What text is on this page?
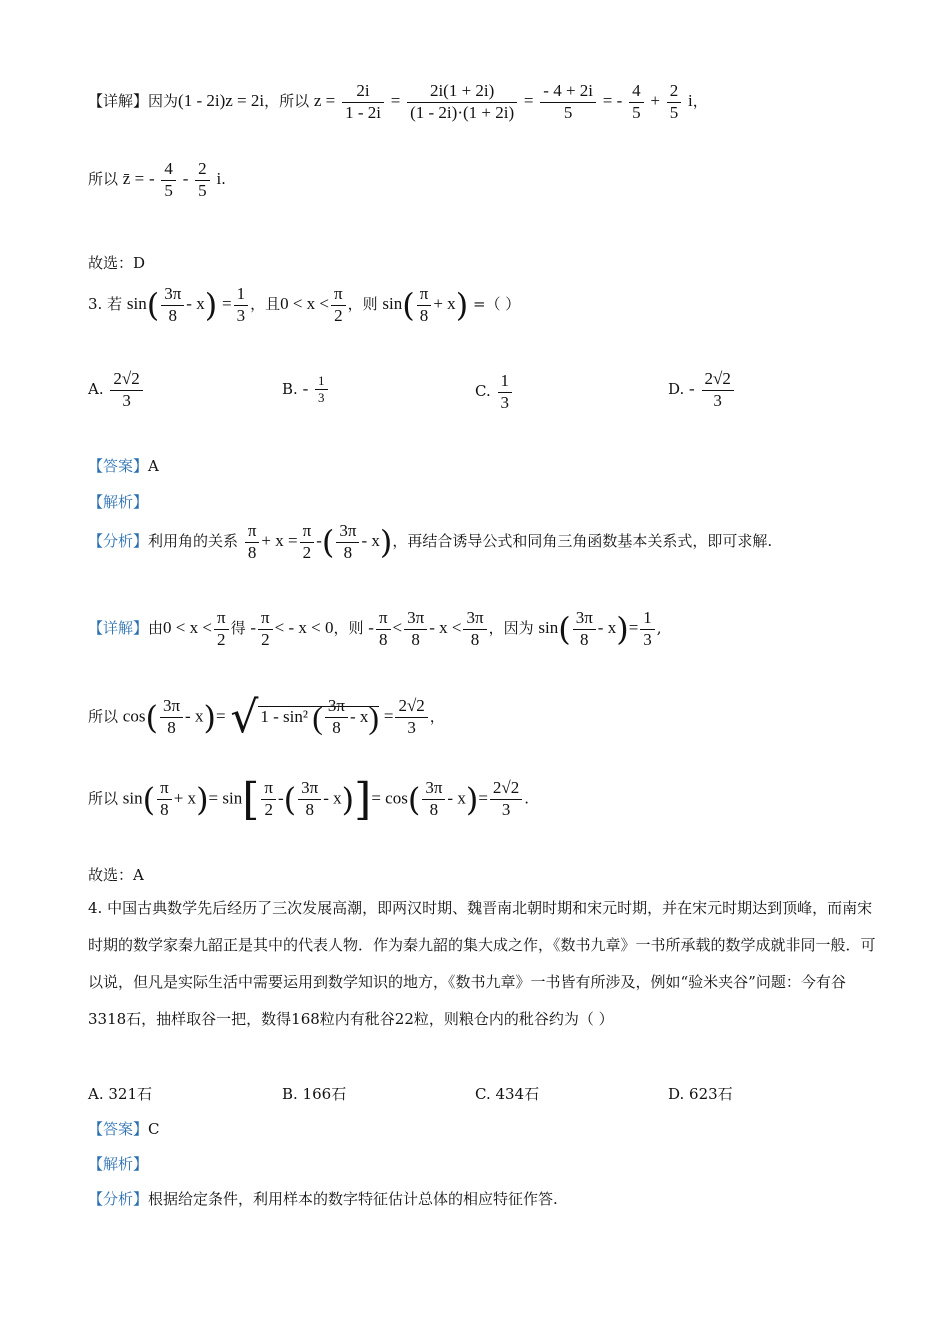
【详解】因为(1 - 2i)z = 2i，所以 $z = \frac{2i}{1 - 2i} = \frac{2i(1 + 2i)}{(1 - 2i)\cdot(1 + 2i)} = \frac{- 4 + 2i}{5}$ = - $\frac{4}{5} + \frac{2}{5}$ i，
所以 z̄ = - $\frac{4}{5} - \frac{2}{5} i$.
故选：D
3. 若 $\sin( \frac{3\pi}{8} - x) = \frac{1}{3}$ ，且$0 < x < \frac{\pi}{2}$ ，则 $\sin( \frac{\pi}{8} + x)$ =（ ）
A. $\frac{2√2}{3}$	B. - $\frac{1}{3}$	C. $\frac{1}{3}$	D. - $\frac{2√2}{3}$
【答案】A
【解析】
【分析】利用角的关系 $\frac{\pi}{8} + x = \frac{\pi}{2}$ -( $\frac{3\pi}{8} - x$)，再结合诱导公式和同角三角函数基本关系式，即可求解.
【详解】由$0 < x < \frac{\pi}{2}$ 得 - $\frac{\pi}{2}$ < - x < 0，则 - $\frac{\pi}{8} < \frac{3\pi}{8} - x < \frac{3\pi}{8}$ ，因为 $\sin( \frac{3\pi}{8} - x)= \frac{1}{3}$ ,
所以 $\cos( \frac{3\pi}{8} - x)=$ √ 1 - sin² ( $\frac{3\pi}{8} - x) = \frac{2√2}{3}$ ，
所以 $\sin( \frac{\pi}{8} + x)= \sin[ \frac{\pi}{2}$ -( $\frac{3\pi}{8} - x)]= \cos( \frac{3\pi}{8} - x)= \frac{2√2}{3}$ .
故选：A
4. 中国古典数学先后经历了三次发展高潮，即两汉时期、魏晋南北朝时期和宋元时期，并在宋元时期达到顶峰，而南宋时期的数学家秦九韶正是其中的代表人物．作为秦九韶的集大成之作，《数书九章》一书所承载的数学成就非同一般．可以说，但凡是实际生活中需要运用到数学知识的地方，《数书九章》一书皆有所涉及，例如“验米夹谷”问题：今有谷3318石，抽样取谷一把，数得168粒内有秕谷22粒，则粮仓内的秕谷约为（ ）
A. 321石	B. 166石	C. 434石	D. 623石
【答案】C
【解析】
【分析】根据给定条件，利用样本的数字特征估计总体的相应特征作答.
